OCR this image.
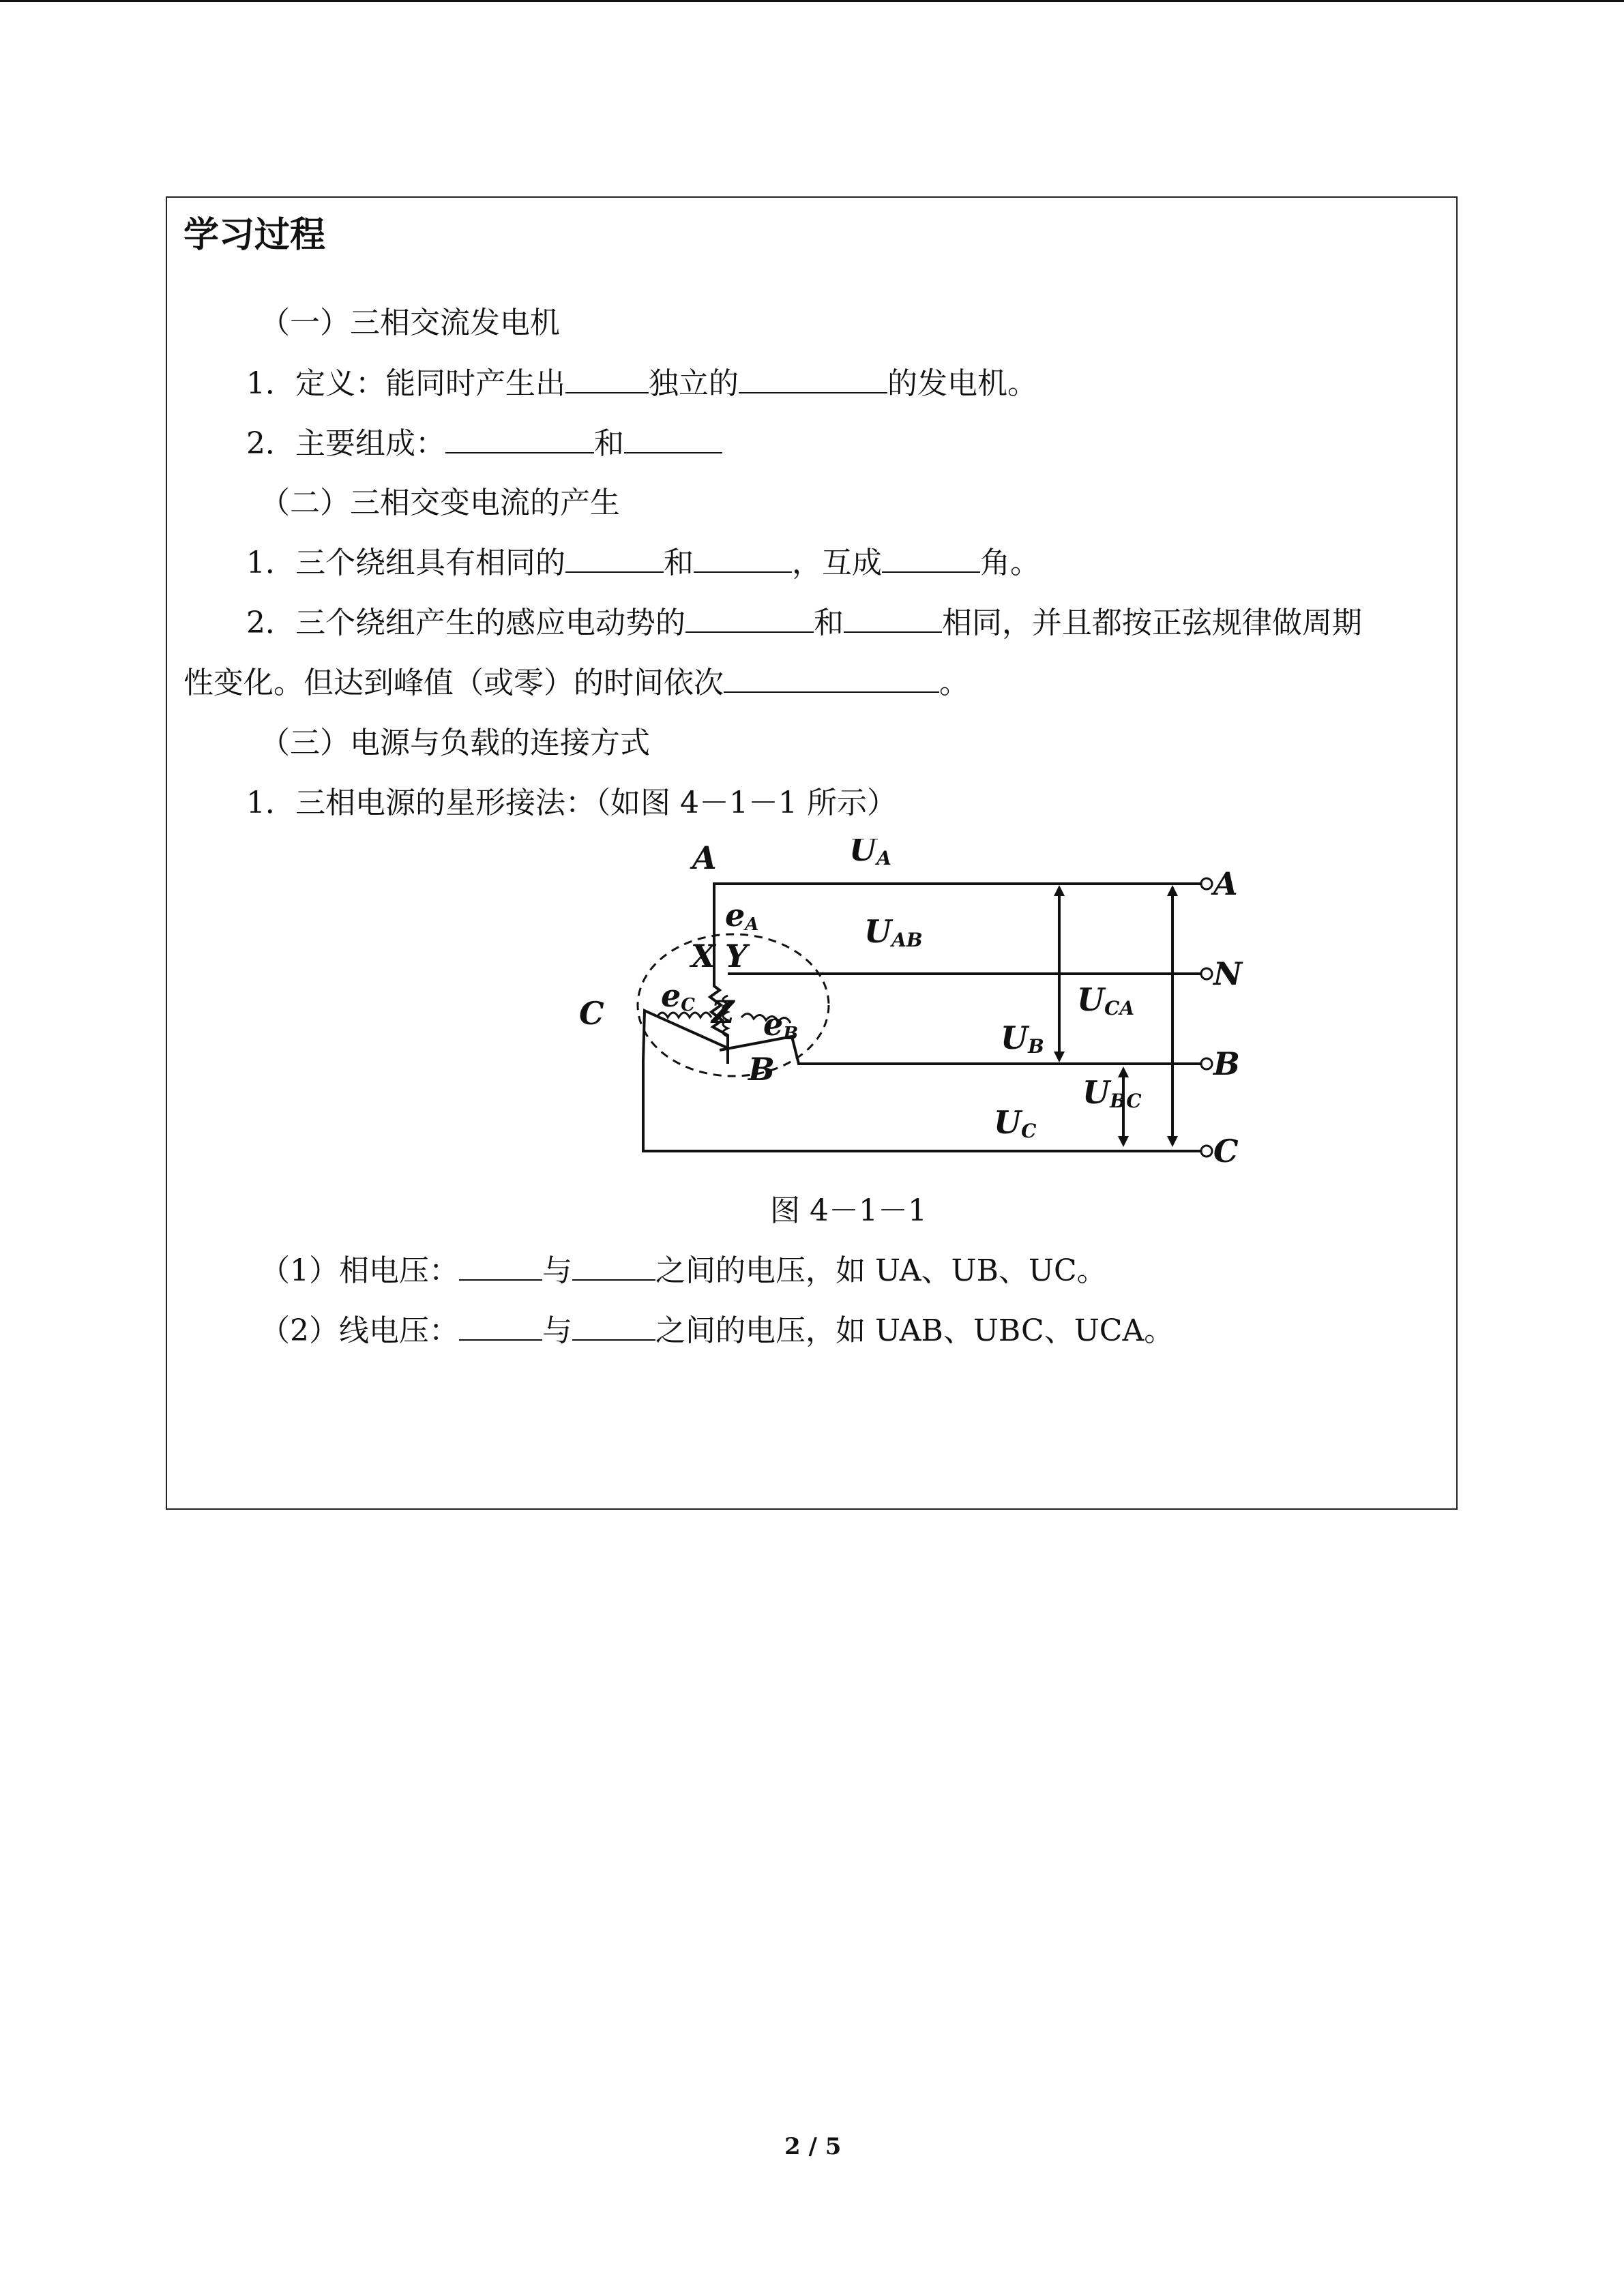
学习过程
（一）三相交流发电机
1．定义：能同时产生出	独立的	的发电机。
2．主要组成：	和
（二）三相交变电流的产生
1．三个绕组具有相同的	和	，互成	角。
2．三个绕组产生的感应电动势的	和	相同，并且都按正弦规律做周期
性变化。但达到峰值（或零）的时间依次	。
（三）电源与负载的连接方式
1．三相电源的星形接法：（如图 4－1－1 所示）
A
N
B
C
A
B
C
UA
UAB
UCA
UB
UBC
UC
eA
eC
eB
X Y
Z
图 4－1－1
（1）相电压：	与	之间的电压，如 UA、UB、UC。
（2）线电压：	与	之间的电压，如 UAB、UBC、UCA。
2 / 5
